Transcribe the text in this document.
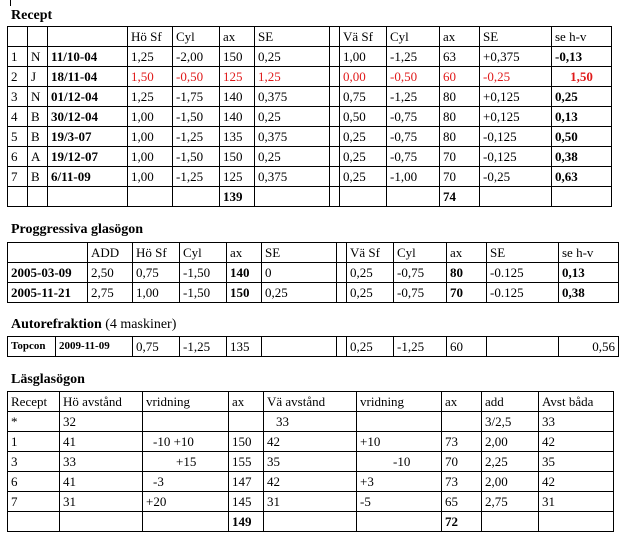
Recept
			Hö Sf	Cyl	ax	SE		Vä Sf	Cyl	ax	SE	se h-v
1	N	11/10-04	1,25	-2,00	150	0,25		1,00	-1,25	63	+0,375	-0,13
2	J	18/11-04	1,50	-0,50	125	1,25		0,00	-0,50	60	-0,25	1,50
3	N	01/12-04	1,25	-1,75	140	0,375		0,75	-1,25	80	+0,125	0,25
4	B	30/12-04	1,00	-1,50	140	0,25		0,50	-0,75	80	+0,125	0,13
5	B	19/3-07	1,00	-1,25	135	0,375		0,25	-0,75	80	-0,125	0,50
6	A	19/12-07	1,00	-1,50	150	0,25		0,25	-0,75	70	-0,125	0,38
7	B	6/11-09	1,00	-1,25	125	0,375		0,25	-1,00	70	-0,25	0,63
					139					74		
Proggressiva glasögon
	ADD	Hö Sf	Cyl	ax	SE		Vä Sf	Cyl	ax	SE	se h-v
2005-03-09	2,50	0,75	-1,50	140	0		0,25	-0,75	80	-0.125	0,13
2005-11-21	2,75	1,00	-1,50	150	0,25		0,25	-0,75	70	-0.125	0,38
Autorefraktion (4 maskiner)
Topcon	2009-11-09	0,75	-1,25	135			0,25	-1,25	60		0,56
Läsglasögon
Recept	Hö avstånd	vridning	ax	Vä avstånd	vridning	ax	add	Avst båda
*	32			33			3/2,5	33
1	41	-10 +10	150	42	+10	73	2,00	42
3	33	+15	155	35	-10	70	2,25	35
6	41	-3	147	42	+3	73	2,00	42
7	31	+20	145	31	-5	65	2,75	31
			149			72		
